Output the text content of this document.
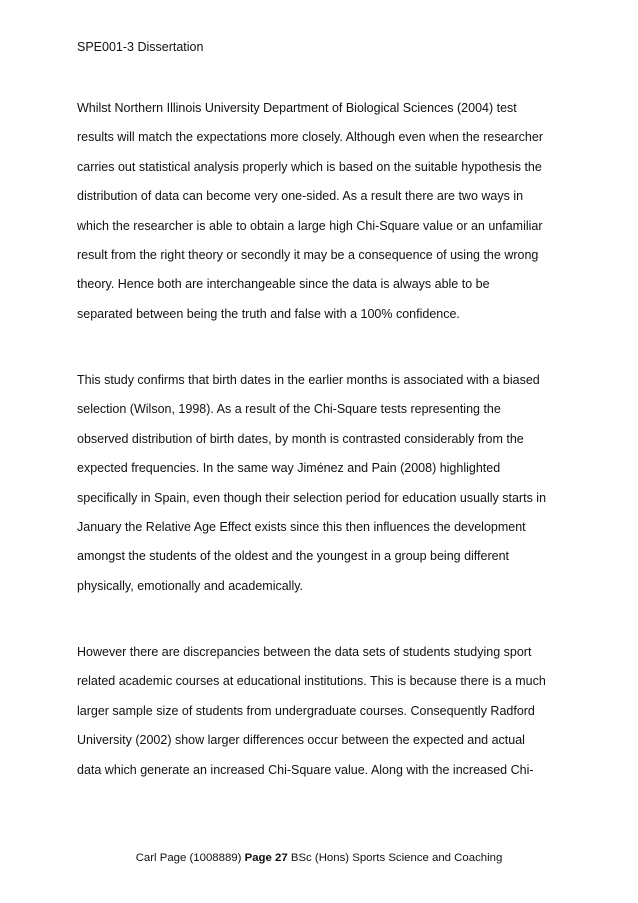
SPE001-3 Dissertation
Whilst Northern Illinois University Department of Biological Sciences (2004) test
results will match the expectations more closely. Although even when the researcher
carries out statistical analysis properly which is based on the suitable hypothesis the
distribution of data can become very one-sided. As a result there are two ways in
which the researcher is able to obtain a large high Chi-Square value or an unfamiliar
result from the right theory or secondly it may be a consequence of using the wrong
theory. Hence both are interchangeable since the data is always able to be
separated between being the truth and false with a 100% confidence.
This study confirms that birth dates in the earlier months is associated with a biased
selection (Wilson, 1998). As a result of the Chi-Square tests representing the
observed distribution of birth dates, by month is contrasted considerably from the
expected frequencies. In the same way Jiménez and Pain (2008) highlighted
specifically in Spain, even though their selection period for education usually starts in
January the Relative Age Effect exists since this then influences the development
amongst the students of the oldest and the youngest in a group being different
physically, emotionally and academically.
However there are discrepancies between the data sets of students studying sport
related academic courses at educational institutions. This is because there is a much
larger sample size of students from undergraduate courses. Consequently Radford
University (2002) show larger differences occur between the expected and actual
data which generate an increased Chi-Square value. Along with the increased Chi-
Carl Page (1008889) Page 27 BSc (Hons) Sports Science and Coaching
